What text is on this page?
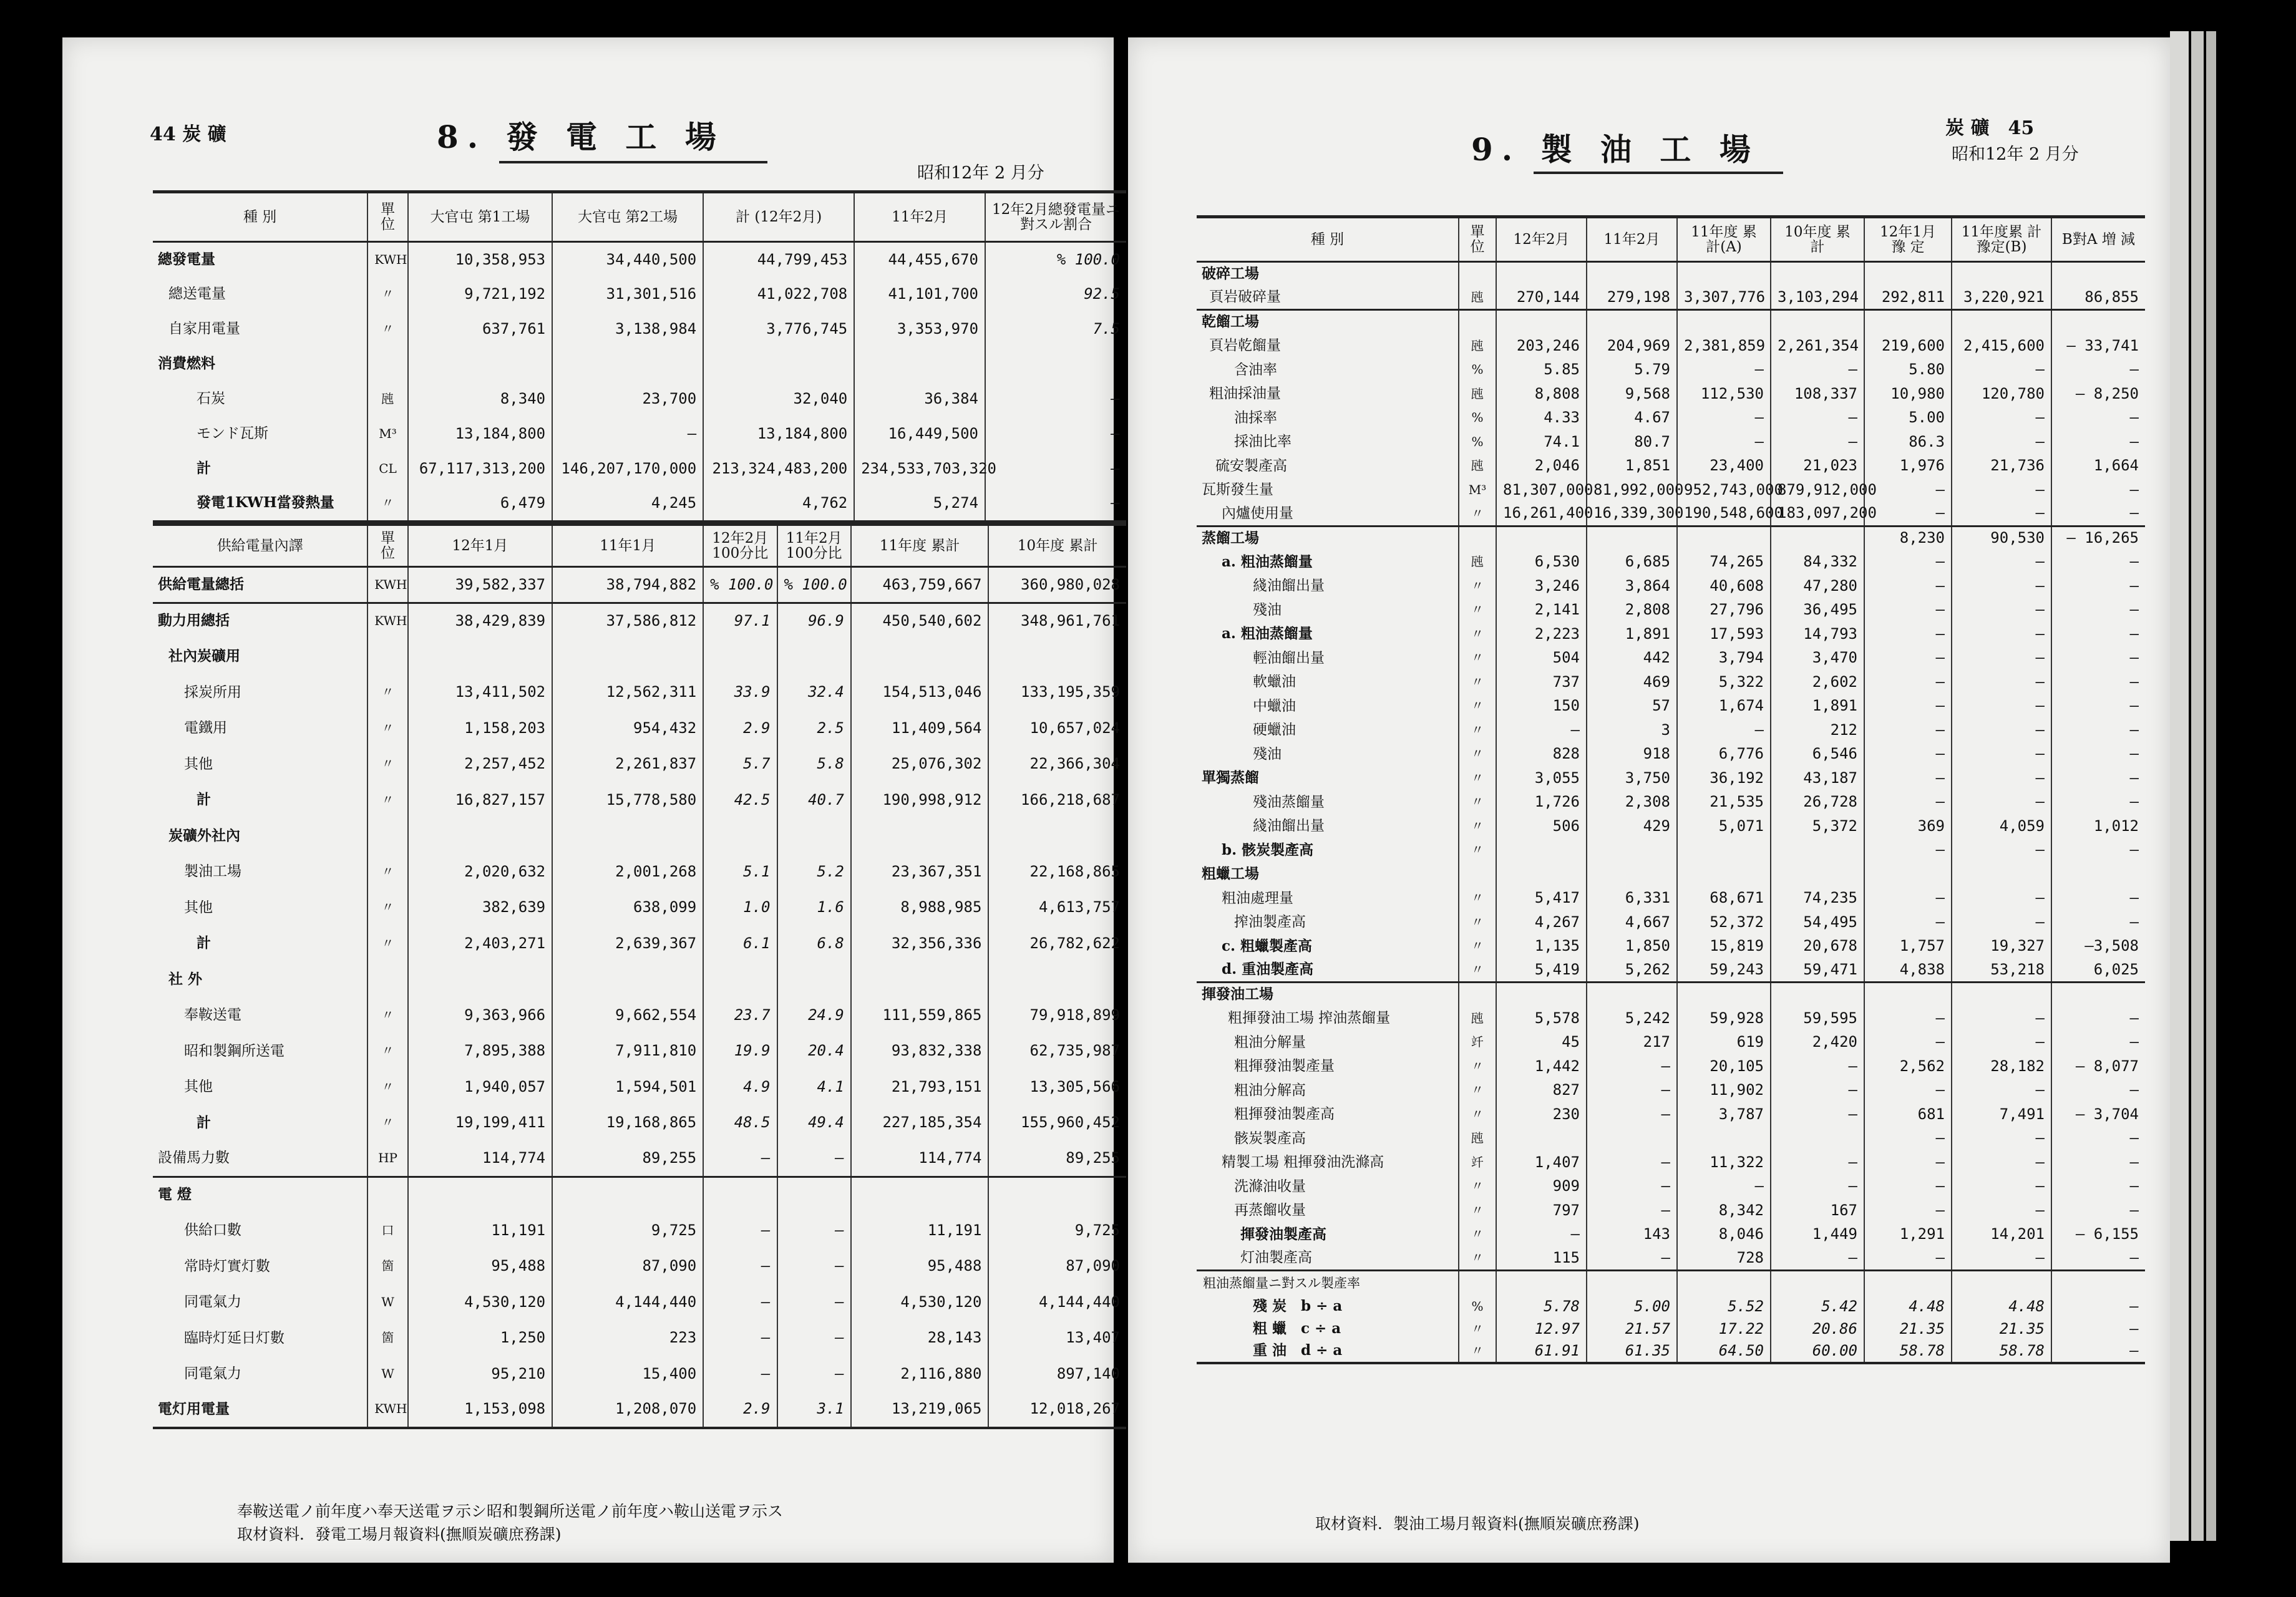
44 炭 礦	8. 發 電 工 場
昭和12年 2 月分
種 別	單位	大官屯 第1工場	大官屯 第2工場	計 (12年2月)	11年2月	12年2月總發電量ニ對スル割合
總發電量	KWH	10,358,953	34,440,500	44,799,453	44,455,670	% 100.0
總送電量	〃	9,721,192	31,301,516	41,022,708	41,101,700	92.5
自家用電量	〃	637,761	3,138,984	3,776,745	3,353,970	7.5
消費燃料						
石炭	瓲	8,340	23,700	32,040	36,384	—
モンド瓦斯	M³	13,184,800	—	13,184,800	16,449,500	—
計	CL	67,117,313,200	146,207,170,000	213,324,483,200	234,533,703,320	—
發電1KWH當發熱量	〃	6,479	4,245	4,762	5,274	—
供給電量內譯	單位	12年1月	11年1月	12年2月 100分比	11年2月 100分比	11年度 累計	10年度 累計
供給電量總括	KWH	39,582,337	38,794,882	% 100.0	% 100.0	463,759,667	360,980,028
動力用總括	KWH	38,429,839	37,586,812	97.1	96.9	450,540,602	348,961,761
社內炭礦用							
採炭所用	〃	13,411,502	12,562,311	33.9	32.4	154,513,046	133,195,359
電鐵用	〃	1,158,203	954,432	2.9	2.5	11,409,564	10,657,024
其他	〃	2,257,452	2,261,837	5.7	5.8	25,076,302	22,366,304
計	〃	16,827,157	15,778,580	42.5	40.7	190,998,912	166,218,687
炭礦外社內							
製油工場	〃	2,020,632	2,001,268	5.1	5.2	23,367,351	22,168,865
其他	〃	382,639	638,099	1.0	1.6	8,988,985	4,613,757
計	〃	2,403,271	2,639,367	6.1	6.8	32,356,336	26,782,622
社 外							
奉鞍送電	〃	9,363,966	9,662,554	23.7	24.9	111,559,865	79,918,899
昭和製鋼所送電	〃	7,895,388	7,911,810	19.9	20.4	93,832,338	62,735,987
其他	〃	1,940,057	1,594,501	4.9	4.1	21,793,151	13,305,566
計	〃	19,199,411	19,168,865	48.5	49.4	227,185,354	155,960,452
設備馬力數	HP	114,774	89,255	—	—	114,774	89,255
電 燈							
供給口數	口	11,191	9,725	—	—	11,191	9,725
常時灯實灯數	箇	95,488	87,090	—	—	95,488	87,090
同電氣力	W	4,530,120	4,144,440	—	—	4,530,120	4,144,440
臨時灯延日灯數	箇	1,250	223	—	—	28,143	13,407
同電氣力	W	95,210	15,400	—	—	2,116,880	897,140
電灯用電量	KWH	1,153,098	1,208,070	2.9	3.1	13,219,065	12,018,267
奉鞍送電ノ前年度ハ奉天送電ヲ示シ昭和製鋼所送電ノ前年度ハ鞍山送電ヲ示ス
取材資料．發電工場月報資料(撫順炭礦庶務課)
炭 礦　45
9. 製 油 工 場	昭和12年 2 月分
種 別	單位	12年2月	11年2月	11年度 累計(A)	10年度 累 計	12年1月 豫 定	11年度累 計豫定(B)	B對A 増 減
破碎工場								
頁岩破碎量	瓲	270,144	279,198	3,307,776	3,103,294	292,811	3,220,921	86,855
乾餾工場								
頁岩乾餾量	瓲	203,246	204,969	2,381,859	2,261,354	219,600	2,415,600	— 33,741
含油率	%	5.85	5.79	—	—	5.80	—	—
粗油採油量	瓲	8,808	9,568	112,530	108,337	10,980	120,780	— 8,250
油採率	%	4.33	4.67	—	—	5.00	—	—
採油比率	%	74.1	80.7	—	—	86.3	—	—
硫安製產高	瓲	2,046	1,851	23,400	21,023	1,976	21,736	1,664
瓦斯發生量	M³	81,307,000	81,992,000	952,743,000	879,912,000	—	—	—
內爐使用量	〃	16,261,400	16,339,300	190,548,600	183,097,200	—	—	—
蒸餾工場						8,230	90,530	— 16,265
a. 粗油蒸餾量	瓲	6,530	6,685	74,265	84,332	—	—	—
綫油餾出量	〃	3,246	3,864	40,608	47,280	—	—	—
殘油	〃	2,141	2,808	27,796	36,495	—	—	—
a. 粗油蒸餾量	〃	2,223	1,891	17,593	14,793	—	—	—
輕油餾出量	〃	504	442	3,794	3,470	—	—	—
軟蠟油	〃	737	469	5,322	2,602	—	—	—
中蠟油	〃	150	57	1,674	1,891	—	—	—
硬蠟油	〃	—	3	—	212	—	—	—
殘油	〃	828	918	6,776	6,546	—	—	—
單獨蒸餾	〃	3,055	3,750	36,192	43,187	—	—	—
殘油蒸餾量	〃	1,726	2,308	21,535	26,728	—	—	—
綫油餾出量	〃	506	429	5,071	5,372	369	4,059	1,012
b. 骸炭製產高	〃					—	—	—
粗蠟工場								
粗油處理量	〃	5,417	6,331	68,671	74,235	—	—	—
搾油製產高	〃	4,267	4,667	52,372	54,495	—	—	—
c. 粗蠟製產高	〃	1,135	1,850	15,819	20,678	1,757	19,327	—3,508
d. 重油製產高	〃	5,419	5,262	59,243	59,471	4,838	53,218	6,025
揮發油工場								
粗揮發油工場 搾油蒸餾量	瓲	5,578	5,242	59,928	59,595	—	—	—
粗油分解量	竏	45	217	619	2,420	—	—	—
粗揮發油製產量	〃	1,442	—	20,105	—	2,562	28,182	— 8,077
粗油分解高	〃	827	—	11,902	—	—	—	—
粗揮發油製產高	〃	230	—	3,787	—	681	7,491	— 3,704
骸炭製產高	瓲					—	—	—
精製工場 粗揮發油洗滌高	竏	1,407	—	11,322	—	—	—	—
洗滌油收量	〃	909	—	—	—	—	—	—
再蒸餾收量	〃	797	—	8,342	167	—	—	—
揮發油製產高	〃	—	143	8,046	1,449	1,291	14,201	— 6,155
灯油製產高	〃	115	—	728	—	—	—	—
粗油蒸餾量ニ對スル製產率								
殘 炭　b ÷ a	%	5.78	5.00	5.52	5.42	4.48	4.48	—
粗 蠟　c ÷ a	〃	12.97	21.57	17.22	20.86	21.35	21.35	—
重 油　d ÷ a	〃	61.91	61.35	64.50	60.00	58.78	58.78	—
取材資料．製油工場月報資料(撫順炭礦庶務課)
